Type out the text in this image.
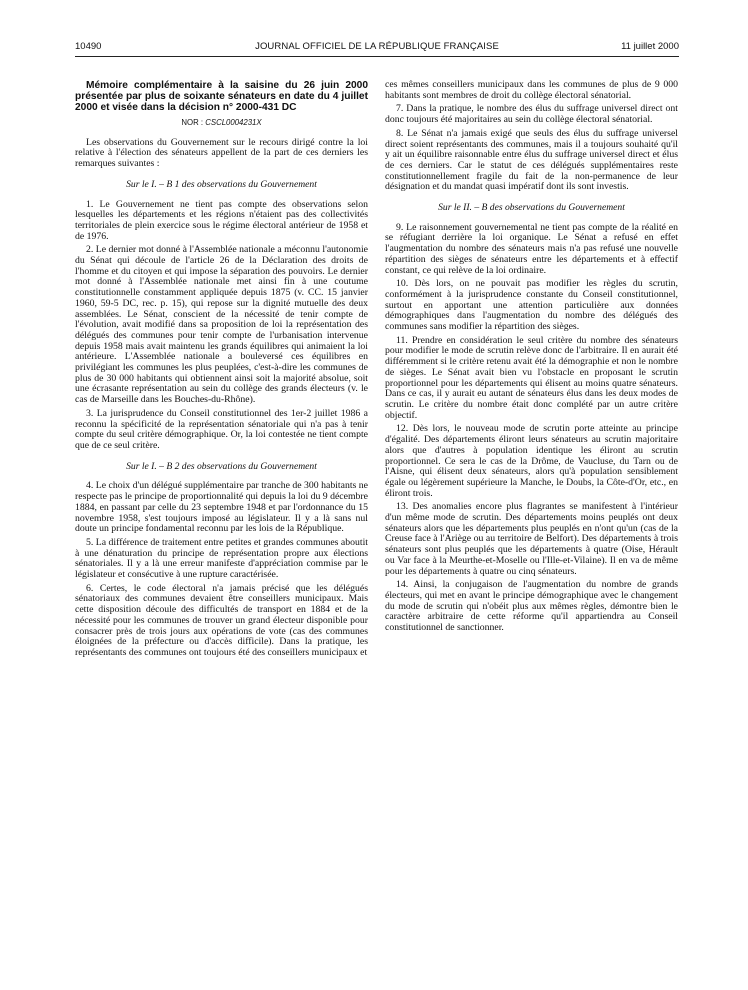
10490	JOURNAL OFFICIEL DE LA RÉPUBLIQUE FRANÇAISE	11 juillet 2000

Mémoire complémentaire à la saisine du 26 juin 2000 présentée par plus de soixante sénateurs en date du 4 juillet 2000 et visée dans la décision n° 2000-431 DC

NOR : CSCL0004231X

Les observations du Gouvernement sur le recours dirigé contre la loi relative à l'élection des sénateurs appellent de la part de ces derniers les remarques suivantes :

Sur le I. – B 1 des observations du Gouvernement

1. Le Gouvernement ne tient pas compte des observations selon lesquelles les départements et les régions n'étaient pas des collectivités territoriales de plein exercice sous le régime électoral antérieur de 1958 et de 1976.

2. Le dernier mot donné à l'Assemblée nationale a méconnu l'autonomie du Sénat qui découle de l'article 26 de la Déclaration des droits de l'homme et du citoyen et qui impose la séparation des pouvoirs. Le dernier mot donné à l'Assemblée nationale met ainsi fin à une coutume constitutionnelle constamment appliquée depuis 1875 (v. CC. 15 janvier 1960, 59-5 DC, rec. p. 15), qui repose sur la dignité mutuelle des deux assemblées. Le Sénat, conscient de la nécessité de tenir compte de l'évolution, avait modifié dans sa proposition de loi la représentation des délégués des communes pour tenir compte de l'urbanisation intervenue depuis 1958 mais avait maintenu les grands équilibres qui animaient la loi antérieure. L'Assemblée nationale a bouleversé ces équilibres en privilégiant les communes les plus peuplées, c'est-à-dire les communes de plus de 30 000 habitants qui obtiennent ainsi soit la majorité absolue, soit une écrasante représentation au sein du collège des grands électeurs (v. le cas de Marseille dans les Bouches-du-Rhône).

3. La jurisprudence du Conseil constitutionnel des 1er-2 juillet 1986 a reconnu la spécificité de la représentation sénatoriale qui n'a pas à tenir compte du seul critère démographique. Or, la loi contestée ne tient compte que de ce seul critère.

Sur le I. – B 2 des observations du Gouvernement

4. Le choix d'un délégué supplémentaire par tranche de 300 habitants ne respecte pas le principe de proportionnalité qui depuis la loi du 9 décembre 1884, en passant par celle du 23 septembre 1948 et par l'ordonnance du 15 novembre 1958, s'est toujours imposé au législateur. Il y a là sans nul doute un principe fondamental reconnu par les lois de la République.

5. La différence de traitement entre petites et grandes communes aboutit à une dénaturation du principe de représentation propre aux élections sénatoriales. Il y a là une erreur manifeste d'appréciation commise par le législateur et consécutive à une rupture caractérisée.

6. Certes, le code électoral n'a jamais précisé que les délégués sénatoriaux des communes devaient être conseillers municipaux. Mais cette disposition découle des difficultés de transport en 1884 et de la nécessité pour les communes de trouver un grand électeur disponible pour consacrer près de trois jours aux opérations de vote (cas des communes éloignées de la préfecture ou d'accès difficile). Dans la pratique, les représentants des communes ont toujours été des conseillers municipaux et

ces mêmes conseillers municipaux dans les communes de plus de 9 000 habitants sont membres de droit du collège électoral sénatorial.

7. Dans la pratique, le nombre des élus du suffrage universel direct ont donc toujours été majoritaires au sein du collège électoral sénatorial.

8. Le Sénat n'a jamais exigé que seuls des élus du suffrage universel direct soient représentants des communes, mais il a toujours souhaité qu'il y ait un équilibre raisonnable entre élus du suffrage universel direct et élus de ces derniers. Car le statut de ces délégués supplémentaires reste constitutionnellement fragile du fait de la non-permanence de leur désignation et du mandat quasi impératif dont ils sont investis.

Sur le II. – B des observations du Gouvernement

9. Le raisonnement gouvernemental ne tient pas compte de la réalité en se réfugiant derrière la loi organique. Le Sénat a refusé en effet l'augmentation du nombre des sénateurs mais n'a pas refusé une nouvelle répartition des sièges de sénateurs entre les départements et à effectif constant, ce qui relève de la loi ordinaire.

10. Dès lors, on ne pouvait pas modifier les règles du scrutin, conformément à la jurisprudence constante du Conseil constitutionnel, surtout en apportant une attention particulière aux données démographiques dans l'augmentation du nombre des délégués des communes sans modifier la répartition des sièges.

11. Prendre en considération le seul critère du nombre des sénateurs pour modifier le mode de scrutin relève donc de l'arbitraire. Il en aurait été différemment si le critère retenu avait été la démographie et non le nombre de sièges. Le Sénat avait bien vu l'obstacle en proposant le scrutin proportionnel pour les départements qui élisent au moins quatre sénateurs. Dans ce cas, il y aurait eu autant de sénateurs élus dans les deux modes de scrutin. Le critère du nombre était donc complété par un autre critère objectif.

12. Dès lors, le nouveau mode de scrutin porte atteinte au principe d'égalité. Des départements éliront leurs sénateurs au scrutin majoritaire alors que d'autres à population identique les éliront au scrutin proportionnel. Ce sera le cas de la Drôme, de Vaucluse, du Tarn ou de l'Aisne, qui élisent deux sénateurs, alors qu'à population sensiblement égale ou légèrement supérieure la Manche, le Doubs, la Côte-d'Or, etc., en éliront trois.

13. Des anomalies encore plus flagrantes se manifestent à l'intérieur d'un même mode de scrutin. Des départements moins peuplés ont deux sénateurs alors que les départements plus peuplés en n'ont qu'un (cas de la Creuse face à l'Ariège ou au territoire de Belfort). Des départements à trois sénateurs sont plus peuplés que les départements à quatre (Oise, Hérault ou Var face à la Meurthe-et-Moselle ou l'Ille-et-Vilaine). Il en va de même pour les départements à quatre ou cinq sénateurs.

14. Ainsi, la conjugaison de l'augmentation du nombre de grands électeurs, qui met en avant le principe démographique avec le changement du mode de scrutin qui n'obéit plus aux mêmes règles, démontre bien le caractère arbitraire de cette réforme qu'il appartiendra au Conseil constitutionnel de sanctionner.
